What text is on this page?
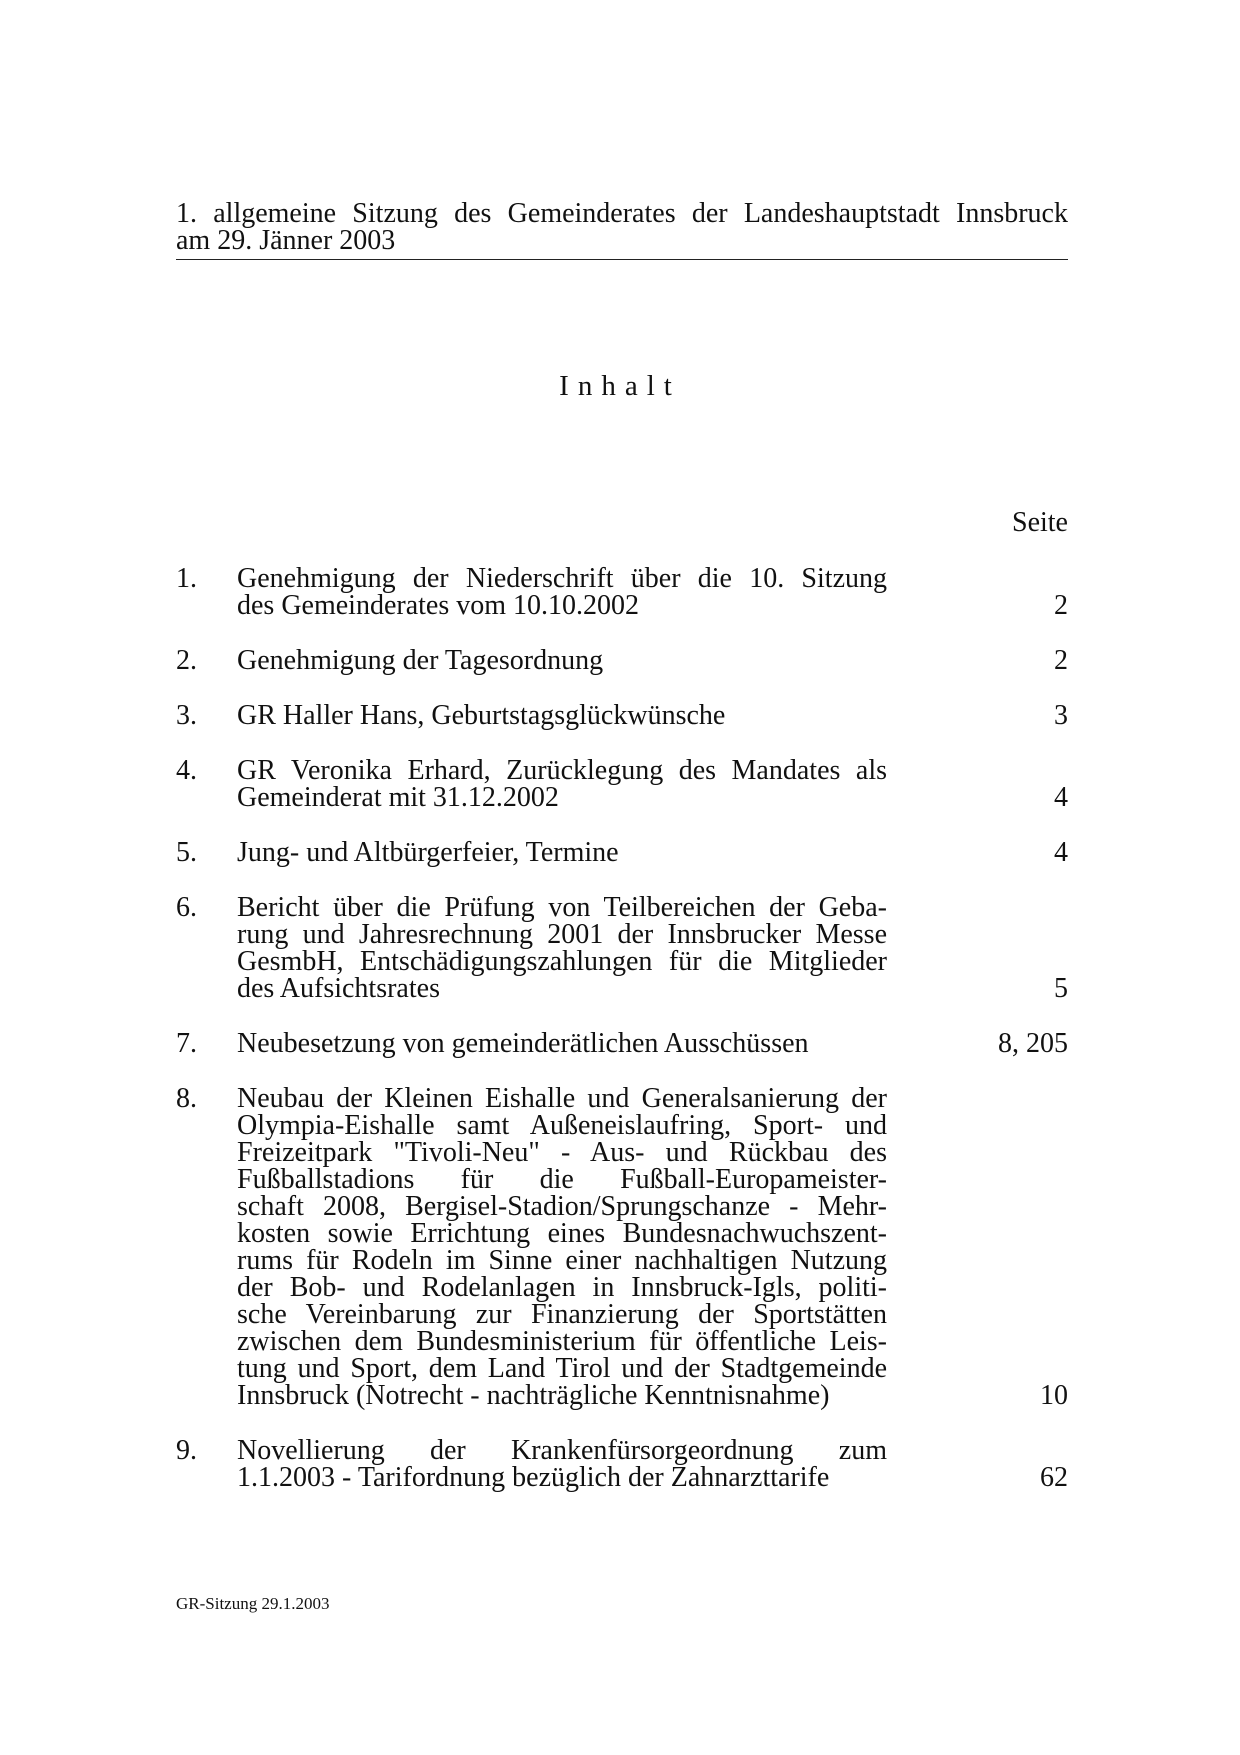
1. allgemeine Sitzung des Gemeinderates der Landeshauptstadt Innsbruck
am 29. Jänner 2003
Inhalt
Seite
1.	Genehmigung der Niederschrift über die 10. Sitzung
des Gemeinderates vom 10.10.2002	2
2.	Genehmigung der Tagesordnung	2
3.	GR Haller Hans, Geburtstagsglückwünsche	3
4.	GR Veronika Erhard, Zurücklegung des Mandates als
Gemeinderat mit 31.12.2002	4
5.	Jung- und Altbürgerfeier, Termine	4
6.	Bericht über die Prüfung von Teilbereichen der Geba-
rung und Jahresrechnung 2001 der Innsbrucker Messe
GesmbH, Entschädigungszahlungen für die Mitglieder
des Aufsichtsrates	5
7.	Neubesetzung von gemeinderätlichen Ausschüssen	8, 205
8.	Neubau der Kleinen Eishalle und Generalsanierung der
Olympia-Eishalle samt Außeneislaufring, Sport- und
Freizeitpark "Tivoli-Neu" - Aus- und Rückbau des
Fußballstadions für die Fußball-Europameister-
schaft 2008, Bergisel-Stadion/Sprungschanze - Mehr-
kosten sowie Errichtung eines Bundesnachwuchszent-
rums für Rodeln im Sinne einer nachhaltigen Nutzung
der Bob- und Rodelanlagen in Innsbruck-Igls, politi-
sche Vereinbarung zur Finanzierung der Sportstätten
zwischen dem Bundesministerium für öffentliche Leis-
tung und Sport, dem Land Tirol und der Stadtgemeinde
Innsbruck (Notrecht - nachträgliche Kenntnisnahme)	10
9.	Novellierung der Krankenfürsorgeordnung zum
1.1.2003 - Tarifordnung bezüglich der Zahnarzttarife	62
GR-Sitzung 29.1.2003
